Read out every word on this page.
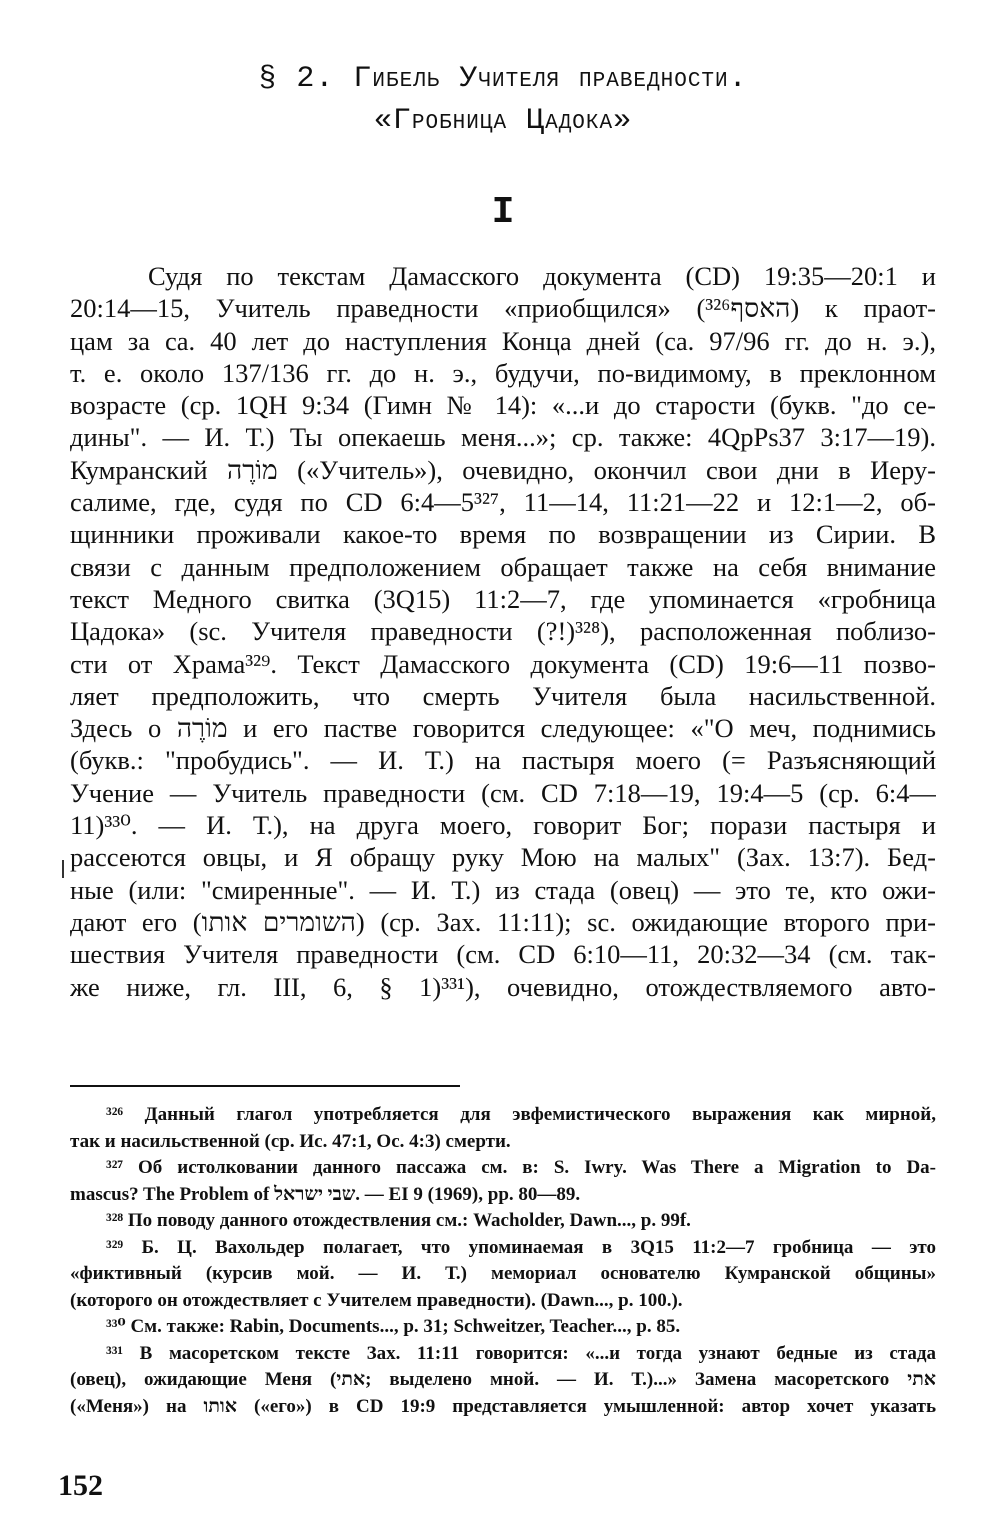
§ 2. Гибель Учителя праведности.
«Гробница Цадока»
I
Судя по текстам Дамасского документа (CD) 19:35—20:1 и
20:14—15, Учитель праведности «приобщился» (³²⁶האסף) к праот-
цам за ca. 40 лет до наступления Конца дней (ca. 97/96 гг. до н. э.),
т. е. около 137/136 гг. до н. э., будучи, по-видимому, в преклонном
возрасте (ср. 1QH 9:34 (Гимн № 14): «...и до старости (букв. "до се-
дины". — И. Т.) Ты опекаешь меня...»; ср. также: 4QpPs37 3:17—19).
Кумранский מוֹרֶה («Учитель»), очевидно, окончил свои дни в Иеру-
салиме, где, судя по CD 6:4—5³²⁷, 11—14, 11:21—22 и 12:1—2, об-
щинники проживали какое-то время по возвращении из Сирии. В
связи с данным предположением обращает также на себя внимание
текст Медного свитка (3Q15) 11:2—7, где упоминается «гробница
Цадока» (sc. Учителя праведности (?!)³²⁸), расположенная поблизо-
сти от Храма³²⁹. Текст Дамасского документа (CD) 19:6—11 позво-
ляет предположить, что смерть Учителя была насильственной.
Здесь о מוֹרֶה и его пастве говорится следующее: «"О меч, поднимись
(букв.: "пробудись". — И. Т.) на пастыря моего (= Разъясняющий
Учение — Учитель праведности (см. CD 7:18—19, 19:4—5 (ср. 6:4—
11)³³⁰. — И. Т.), на друга моего, говорит Бог; порази пастыря и
рассеются овцы, и Я обращу руку Мою на малых" (Зах. 13:7). Бед-
ные (или: "смиренные". — И. Т.) из стада (овец) — это те, кто ожи-
дают его (השומרים אותו) (ср. Зах. 11:11); sc. ожидающие второго при-
шествия Учителя праведности (см. CD 6:10—11, 20:32—34 (см. так-
же ниже, гл. III, 6, § 1)³³¹), очевидно, отождествляемого авто-
³²⁶ Данный глагол употребляется для эвфемистического выражения как мирной,
так и насильственной (ср. Ис. 47:1, Ос. 4:3) смерти.
³²⁷ Об истолковании данного пассажа см. в: S. Iwry. Was There a Migration to Da-
mascus? The Problem of שבי ישראל. — EI 9 (1969), pp. 80—89.
³²⁸ По поводу данного отождествления см.: Wacholder, Dawn..., p. 99f.
³²⁹ Б. Ц. Вахольдер полагает, что упоминаемая в 3Q15 11:2—7 гробница — это
«фиктивный (курсив мой. — И. Т.) мемориал основателю Кумранской общины»
(которого он отождествляет с Учителем праведности). (Dawn..., p. 100.).
³³⁰ См. также: Rabin, Documents..., p. 31; Schweitzer, Teacher..., p. 85.
³³¹ В масоретском тексте Зах. 11:11 говорится: «...и тогда узнают бедные из стада
(овец), ожидающие Меня (אתי; выделено мной. — И. Т.)...» Замена масоретского אתי
(«Меня») на אותו («его») в CD 19:9 представляется умышленной: автор хочет указать
152
